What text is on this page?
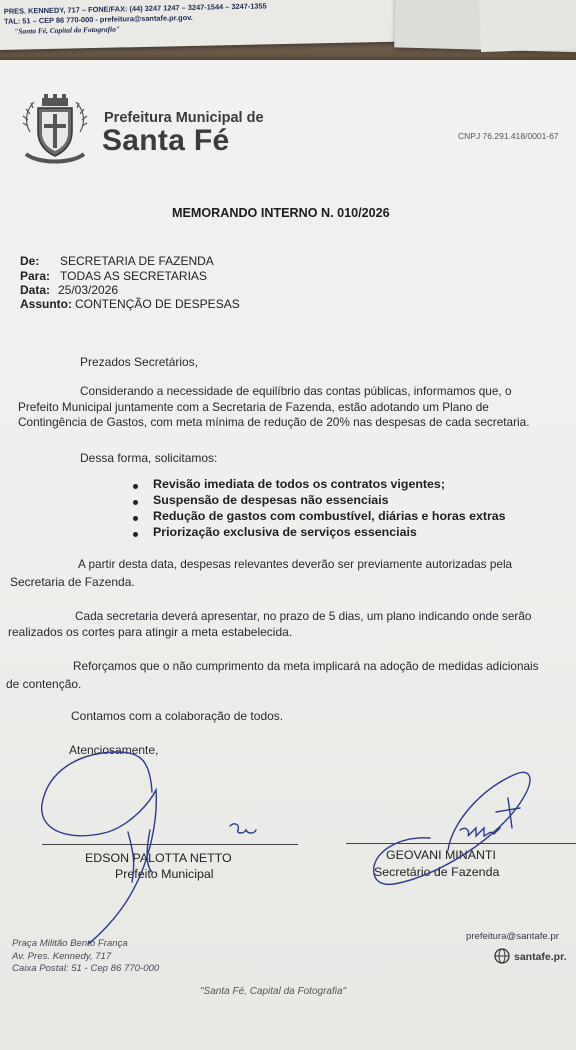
PRES. KENNEDY, 717 – FONE/FAX: (44) 3247 1247 – 3247-1544 – 3247-1355
TAL: 51 – CEP 86 770-000 - prefeitura@santafe.pr.gov.
"Santa Fé, Capital da Fotografia"
Prefeitura Municipal de
Santa Fé	CNPJ 76.291.418/0001-67
MEMORANDO INTERNO N. 010/2026
De: SECRETARIA DE FAZENDA
Para: TODAS AS SECRETARIAS
Data: 25/03/2026
Assunto: CONTENÇÃO DE DESPESAS
Prezados Secretários,
Considerando a necessidade de equilíbrio das contas públicas, informamos que, o
Prefeito Municipal juntamente com a Secretaria de Fazenda, estão adotando um Plano de
Contingência de Gastos, com meta mínima de redução de 20% nas despesas de cada secretaria.
Dessa forma, solicitamos:
Revisão imediata de todos os contratos vigentes;
Suspensão de despesas não essenciais
Redução de gastos com combustível, diárias e horas extras
Priorização exclusiva de serviços essenciais
A partir desta data, despesas relevantes deverão ser previamente autorizadas pela
Secretaria de Fazenda.
Cada secretaria deverá apresentar, no prazo de 5 dias, um plano indicando onde serão
realizados os cortes para atingir a meta estabelecida.
Reforçamos que o não cumprimento da meta implicará na adoção de medidas adicionais
de contenção.
Contamos com a colaboração de todos.
Atenciosamente,
EDSON PALOTTA NETTO
Prefeito Municipal
GEOVANI MINANTI
Secretário de Fazenda
Praça Militão Bento França
Av. Pres. Kennedy, 717
Caixa Postal: 51 - Cep 86 770-000
prefeitura@santafe.pr
santafe.pr.
"Santa Fé, Capital da Fotografia"
